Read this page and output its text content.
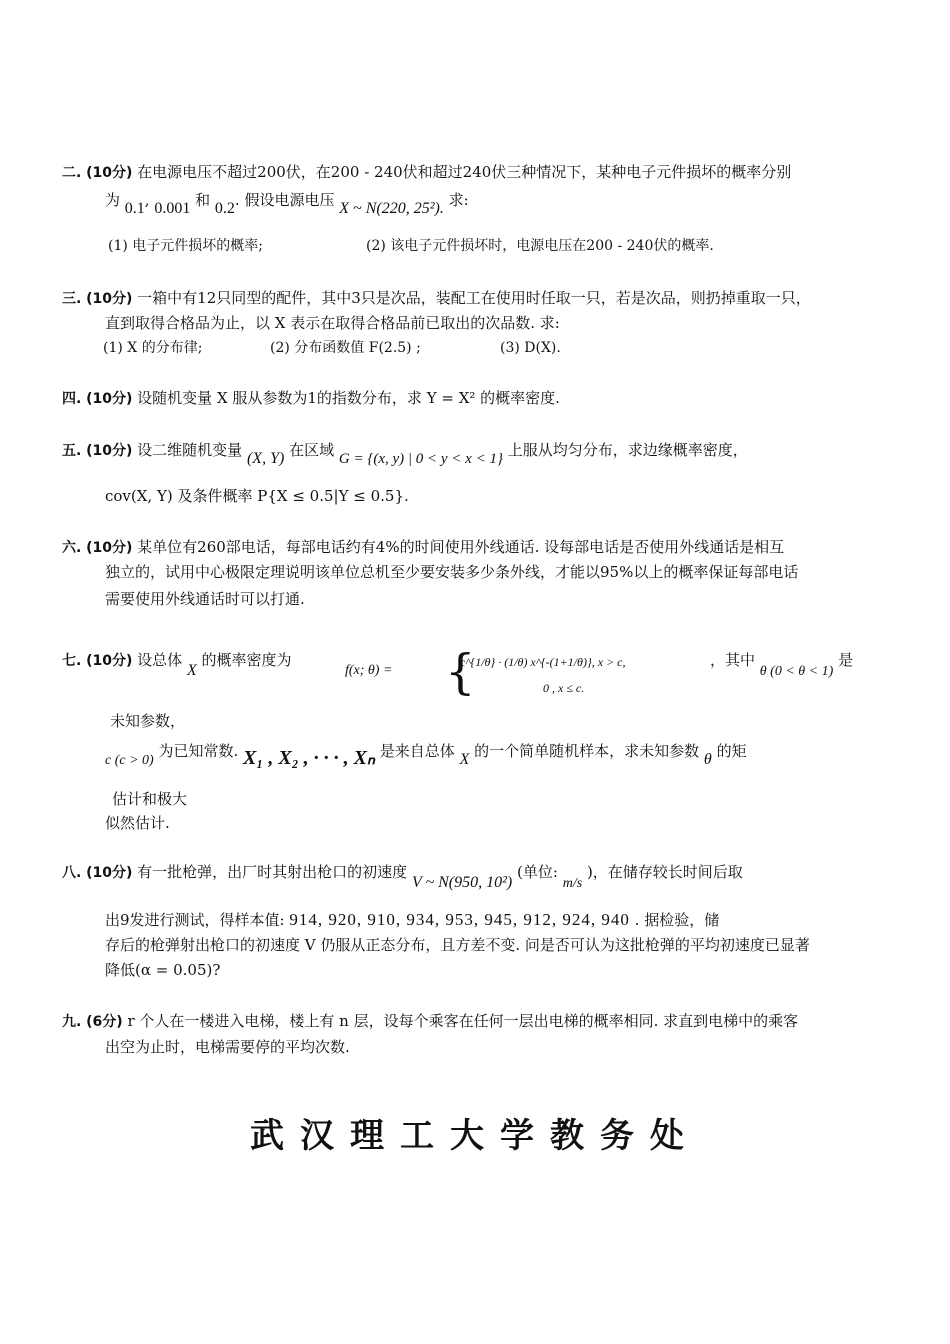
二. (10分) 在电源电压不超过200伏，在200 - 240伏和超过240伏三种情况下，某种电子元件损坏的概率分别
为 0.1, 0.001 和 0.2. 假设电源电压 X ~ N(220, 25²). 求:
(1) 电子元件损坏的概率;	(2) 该电子元件损坏时，电源电压在200 - 240伏的概率.
三. (10分) 一箱中有12只同型的配件，其中3只是次品，装配工在使用时任取一只，若是次品，则扔掉重取一只，
直到取得合格品为止，以 X 表示在取得合格品前已取出的次品数. 求:
(1) X 的分布律;	(2) 分布函数值 F(2.5) ;	(3) D(X).
四. (10分) 设随机变量 X 服从参数为1的指数分布，求 Y = X² 的概率密度.
五. (10分) 设二维随机变量 (X, Y) 在区域 G = {(x, y) | 0 < y < x < 1} 上服从均匀分布，求边缘概率密度，
cov(X, Y) 及条件概率 P{X ≤ 0.5|Y ≤ 0.5}.
六. (10分) 某单位有260部电话，每部电话约有4%的时间使用外线通话. 设每部电话是否使用外线通话是相互
独立的，试用中心极限定理说明该单位总机至少要安装多少条外线，才能以95%以上的概率保证每部电话
需要使用外线通话时可以打通.
七. (10分) 设总体 X 的概率密度为
f(x; θ) = {
c^{1/θ} · (1/θ) x^{-(1+1/θ)}, x > c,
0 , x ≤ c.
，其中 θ (0 < θ < 1) 是
未知参数，
c (c > 0) 为已知常数. X₁ , X₂ , · · · , Xₙ 是来自总体 X 的一个简单随机样本，求未知参数 θ 的矩
估计和极大
似然估计.
八. (10分) 有一批枪弹，出厂时其射出枪口的初速度 V ~ N(950, 10²) (单位: m/s )，在储存较长时间后取
出9发进行测试，得样本值: 914, 920, 910, 934, 953, 945, 912, 924, 940 . 据检验，储
存后的枪弹射出枪口的初速度 V 仍服从正态分布，且方差不变. 问是否可认为这批枪弹的平均初速度已显著
降低(α = 0.05)?
九. (6分) r 个人在一楼进入电梯，楼上有 n 层，设每个乘客在任何一层出电梯的概率相同. 求直到电梯中的乘客
出空为止时，电梯需要停的平均次数.
武汉理工大学教务处
